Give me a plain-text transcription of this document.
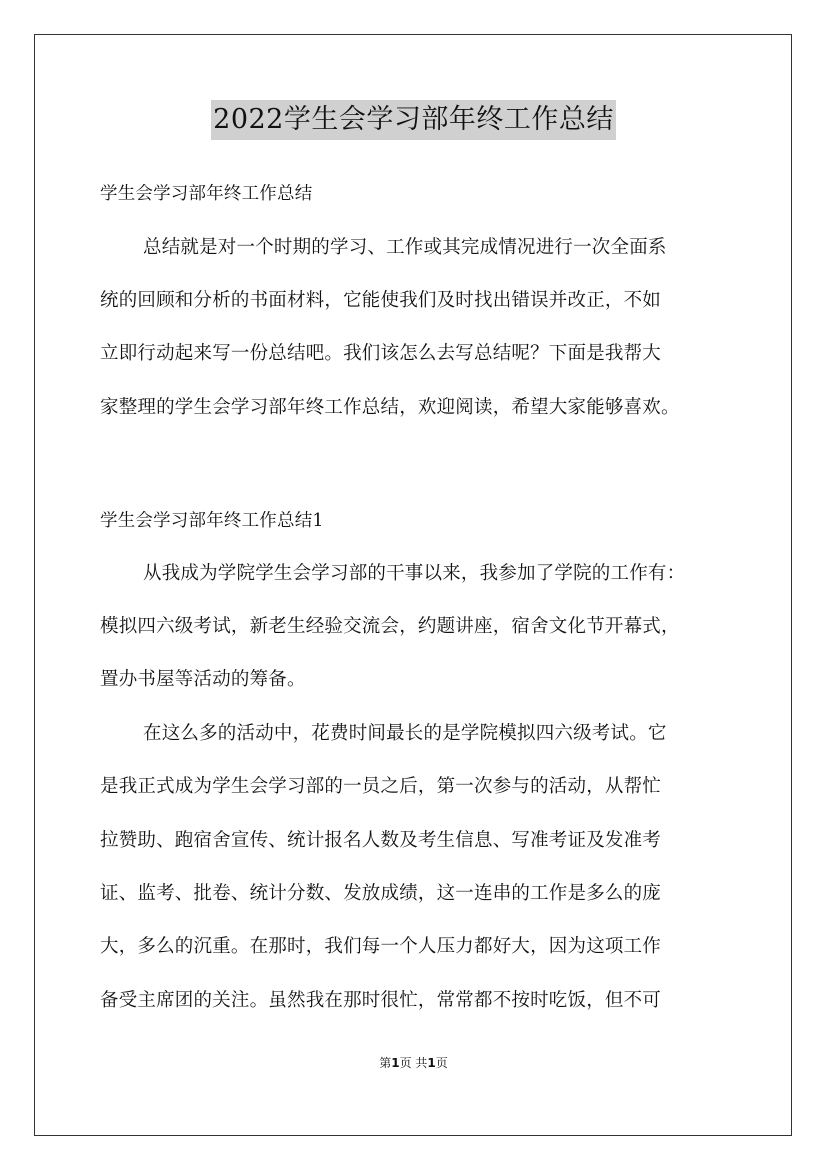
2022学生会学习部年终工作总结
学生会学习部年终工作总结
总结就是对一个时期的学习、工作或其完成情况进行一次全面系
统的回顾和分析的书面材料，它能使我们及时找出错误并改正，不如
立即行动起来写一份总结吧。我们该怎么去写总结呢？下面是我帮大
家整理的学生会学习部年终工作总结，欢迎阅读，希望大家能够喜欢。
学生会学习部年终工作总结1
从我成为学院学生会学习部的干事以来，我参加了学院的工作有：
模拟四六级考试，新老生经验交流会，约题讲座，宿舍文化节开幕式，
置办书屋等活动的筹备。
在这么多的活动中，花费时间最长的是学院模拟四六级考试。它
是我正式成为学生会学习部的一员之后，第一次参与的活动，从帮忙
拉赞助、跑宿舍宣传、统计报名人数及考生信息、写准考证及发准考
证、监考、批卷、统计分数、发放成绩，这一连串的工作是多么的庞
大，多么的沉重。在那时，我们每一个人压力都好大，因为这项工作
备受主席团的关注。虽然我在那时很忙，常常都不按时吃饭，但不可
第1页 共1页
